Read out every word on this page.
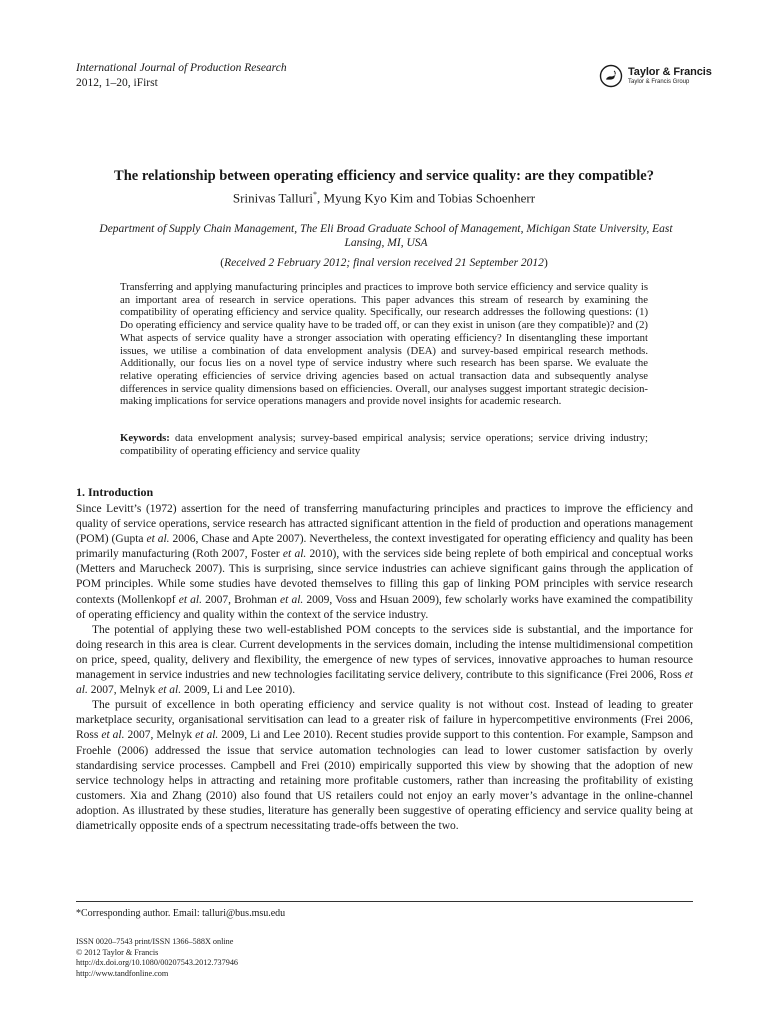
International Journal of Production Research
2012, 1–20, iFirst
Taylor & Francis
Taylor & Francis Group
The relationship between operating efficiency and service quality: are they compatible?
Srinivas Talluri*, Myung Kyo Kim and Tobias Schoenherr
Department of Supply Chain Management, The Eli Broad Graduate School of Management, Michigan State University, East Lansing, MI, USA
(Received 2 February 2012; final version received 21 September 2012)

Transferring and applying manufacturing principles and practices to improve both service efficiency and service quality is an important area of research in service operations. This paper advances this stream of research by examining the compatibility of operating efficiency and service quality. Specifically, our research addresses the following questions: (1) Do operating efficiency and service quality have to be traded off, or can they exist in unison (are they compatible)? and (2) What aspects of service quality have a stronger association with operating efficiency? In disentangling these important issues, we utilise a combination of data envelopment analysis (DEA) and survey-based empirical research methods. Additionally, our focus lies on a novel type of service industry where such research has been sparse. We evaluate the relative operating efficiencies of service driving agencies based on actual transaction data and subsequently analyse differences in service quality dimensions based on efficiencies. Overall, our analyses suggest important strategic decision-making implications for service operations managers and provide novel insights for academic research.

Keywords: data envelopment analysis; survey-based empirical analysis; service operations; service driving industry; compatibility of operating efficiency and service quality

1. Introduction

Since Levitt’s (1972) assertion for the need of transferring manufacturing principles and practices to improve the efficiency and quality of service operations, service research has attracted significant attention in the field of production and operations management (POM) (Gupta et al. 2006, Chase and Apte 2007). Nevertheless, the context investigated for operating efficiency and quality has been primarily manufacturing (Roth 2007, Foster et al. 2010), with the services side being replete of both empirical and conceptual works (Metters and Marucheck 2007). This is surprising, since service industries can achieve significant gains through the application of POM principles. While some studies have devoted themselves to filling this gap of linking POM principles with service research contexts (Mollenkopf et al. 2007, Brohman et al. 2009, Voss and Hsuan 2009), few scholarly works have examined the compatibility of operating efficiency and quality within the context of the service industry.

The potential of applying these two well-established POM concepts to the services side is substantial, and the importance for doing research in this area is clear. Current developments in the services domain, including the intense multidimensional competition on price, speed, quality, delivery and flexibility, the emergence of new types of services, innovative approaches to human resource management in service industries and new technologies facilitating service delivery, contribute to this significance (Frei 2006, Ross et al. 2007, Melnyk et al. 2009, Li and Lee 2010).

The pursuit of excellence in both operating efficiency and service quality is not without cost. Instead of leading to greater marketplace security, organisational servitisation can lead to a greater risk of failure in hypercompetitive environments (Frei 2006, Ross et al. 2007, Melnyk et al. 2009, Li and Lee 2010). Recent studies provide support to this contention. For example, Sampson and Froehle (2006) addressed the issue that service automation technologies can lead to lower customer satisfaction by overly standardising service processes. Campbell and Frei (2010) empirically supported this view by showing that the adoption of new service technology helps in attracting and retaining more profitable customers, rather than increasing the profitability of existing customers. Xia and Zhang (2010) also found that US retailers could not enjoy an early mover’s advantage in the online-channel adoption. As illustrated by these studies, literature has generally been suggestive of operating efficiency and service quality being at diametrically opposite ends of a spectrum necessitating trade-offs between the two.

*Corresponding author. Email: talluri@bus.msu.edu
ISSN 0020–7543 print/ISSN 1366–588X online
© 2012 Taylor & Francis
http://dx.doi.org/10.1080/00207543.2012.737946
http://www.tandfonline.com
